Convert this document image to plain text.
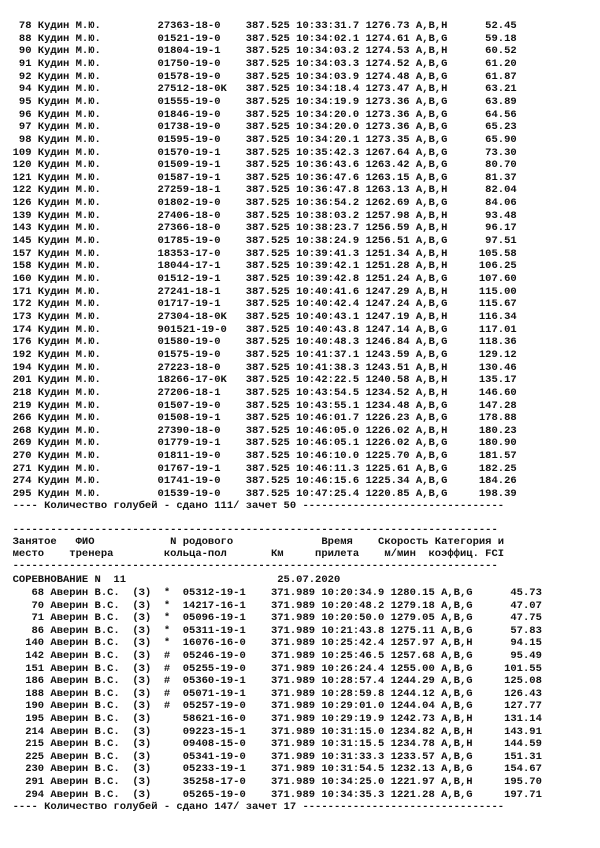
78 Кудин М.Ю.         27363-18-0    387.525 10:33:31.7 1276.73 A,B,H      52.45
88 Кудин М.Ю.         01521-19-0    387.525 10:34:02.1 1274.61 A,B,G      59.18
90 Кудин М.Ю.         01804-19-1    387.525 10:34:03.2 1274.53 A,B,H      60.52
91 Кудин М.Ю.         01750-19-0    387.525 10:34:03.3 1274.52 A,B,G      61.20
92 Кудин М.Ю.         01578-19-0    387.525 10:34:03.9 1274.48 A,B,G      61.87
94 Кудин М.Ю.         27512-18-0K   387.525 10:34:18.4 1273.47 A,B,H      63.21
95 Кудин М.Ю.         01555-19-0    387.525 10:34:19.9 1273.36 A,B,G      63.89
96 Кудин М.Ю.         01846-19-0    387.525 10:34:20.0 1273.36 A,B,G      64.56
97 Кудин М.Ю.         01738-19-0    387.525 10:34:20.0 1273.36 A,B,G      65.23
98 Кудин М.Ю.         01595-19-0    387.525 10:34:20.1 1273.35 A,B,G      65.90
109 Кудин М.Ю.         01570-19-1    387.525 10:35:42.3 1267.64 A,B,G      73.30
120 Кудин М.Ю.         01509-19-1    387.525 10:36:43.6 1263.42 A,B,G      80.70
121 Кудин М.Ю.         01587-19-1    387.525 10:36:47.6 1263.15 A,B,G      81.37
122 Кудин М.Ю.         27259-18-1    387.525 10:36:47.8 1263.13 A,B,H      82.04
126 Кудин М.Ю.         01802-19-0    387.525 10:36:54.2 1262.69 A,B,G      84.06
139 Кудин М.Ю.         27406-18-0    387.525 10:38:03.2 1257.98 A,B,H      93.48
143 Кудин М.Ю.         27366-18-0    387.525 10:38:23.7 1256.59 A,B,H      96.17
145 Кудин М.Ю.         01785-19-0    387.525 10:38:24.9 1256.51 A,B,G      97.51
157 Кудин М.Ю.         18353-17-0    387.525 10:39:41.3 1251.34 A,B,H     105.58
158 Кудин М.Ю.         18044-17-1    387.525 10:39:42.1 1251.28 A,B,H     106.25
160 Кудин М.Ю.         01512-19-1    387.525 10:39:42.8 1251.24 A,B,G     107.60
171 Кудин М.Ю.         27241-18-1    387.525 10:40:41.6 1247.29 A,B,H     115.00
172 Кудин М.Ю.         01717-19-1    387.525 10:40:42.4 1247.24 A,B,G     115.67
173 Кудин М.Ю.         27304-18-0K   387.525 10:40:43.1 1247.19 A,B,H     116.34
174 Кудин М.Ю.         901521-19-0   387.525 10:40:43.8 1247.14 A,B,G     117.01
176 Кудин М.Ю.         01580-19-0    387.525 10:40:48.3 1246.84 A,B,G     118.36
192 Кудин М.Ю.         01575-19-0    387.525 10:41:37.1 1243.59 A,B,G     129.12
194 Кудин М.Ю.         27223-18-0    387.525 10:41:38.3 1243.51 A,B,H     130.46
201 Кудин М.Ю.         18266-17-0K   387.525 10:42:22.5 1240.58 A,B,H     135.17
218 Кудин М.Ю.         27206-18-1    387.525 10:43:54.5 1234.52 A,B,H     146.60
219 Кудин М.Ю.         01507-19-0    387.525 10:43:55.1 1234.48 A,B,G     147.28
266 Кудин М.Ю.         01508-19-1    387.525 10:46:01.7 1226.23 A,B,G     178.88
268 Кудин М.Ю.         27390-18-0    387.525 10:46:05.0 1226.02 A,B,H     180.23
269 Кудин М.Ю.         01779-19-1    387.525 10:46:05.1 1226.02 A,B,G     180.90
270 Кудин М.Ю.         01811-19-0    387.525 10:46:10.0 1225.70 A,B,G     181.57
271 Кудин М.Ю.         01767-19-1    387.525 10:46:11.3 1225.61 A,B,G     182.25
274 Кудин М.Ю.         01741-19-0    387.525 10:46:15.6 1225.34 A,B,G     184.26
295 Кудин М.Ю.         01539-19-0    387.525 10:47:25.4 1220.85 A,B,G     198.39
---- Количество голубей - сдано 111/ зачет 50 --------------------------------
-----------------------------------------------------------------------------
Занятое   ФИО            N родового              Время    Скорость Категория и
место    тренера        кольца-пол       Км     прилета    м/мин  коэффиц. FCI
-----------------------------------------------------------------------------
СОРЕВНОВАНИЕ N  11                        25.07.2020
68 Аверин В.С.  (З)  *  05312-19-1    371.989 10:20:34.9 1280.15 A,B,G      45.73
70 Аверин В.С.  (З)  *  14217-16-1    371.989 10:20:48.2 1279.18 A,B,G      47.07
71 Аверин В.С.  (З)  *  05096-19-1    371.989 10:20:50.0 1279.05 A,B,G      47.75
86 Аверин В.С.  (З)  *  05311-19-1    371.989 10:21:43.8 1275.11 A,B,G      57.83
140 Аверин В.С.  (З)  *  16076-16-0    371.989 10:25:42.4 1257.97 A,B,H      94.15
142 Аверин В.С.  (З)  #  05246-19-0    371.989 10:25:46.5 1257.68 A,B,G      95.49
151 Аверин В.С.  (З)  #  05255-19-0    371.989 10:26:24.4 1255.00 A,B,G     101.55
186 Аверин В.С.  (З)  #  05360-19-1    371.989 10:28:57.4 1244.29 A,B,G     125.08
188 Аверин В.С.  (З)  #  05071-19-1    371.989 10:28:59.8 1244.12 A,B,G     126.43
190 Аверин В.С.  (З)  #  05257-19-0    371.989 10:29:01.0 1244.04 A,B,G     127.77
195 Аверин В.С.  (З)     58621-16-0    371.989 10:29:19.9 1242.73 A,B,H     131.14
214 Аверин В.С.  (З)     09223-15-1    371.989 10:31:15.0 1234.82 A,B,H     143.91
215 Аверин В.С.  (З)     09408-15-0    371.989 10:31:15.5 1234.78 A,B,H     144.59
225 Аверин В.С.  (З)     05341-19-0    371.989 10:31:33.3 1233.57 A,B,G     151.31
230 Аверин В.С.  (З)     05233-19-1    371.989 10:31:54.5 1232.13 A,B,G     154.67
291 Аверин В.С.  (З)     35258-17-0    371.989 10:34:25.0 1221.97 A,B,H     195.70
294 Аверин В.С.  (З)     05265-19-0    371.989 10:34:35.3 1221.28 A,B,G     197.71
---- Количество голубей - сдано 147/ зачет 17 --------------------------------
